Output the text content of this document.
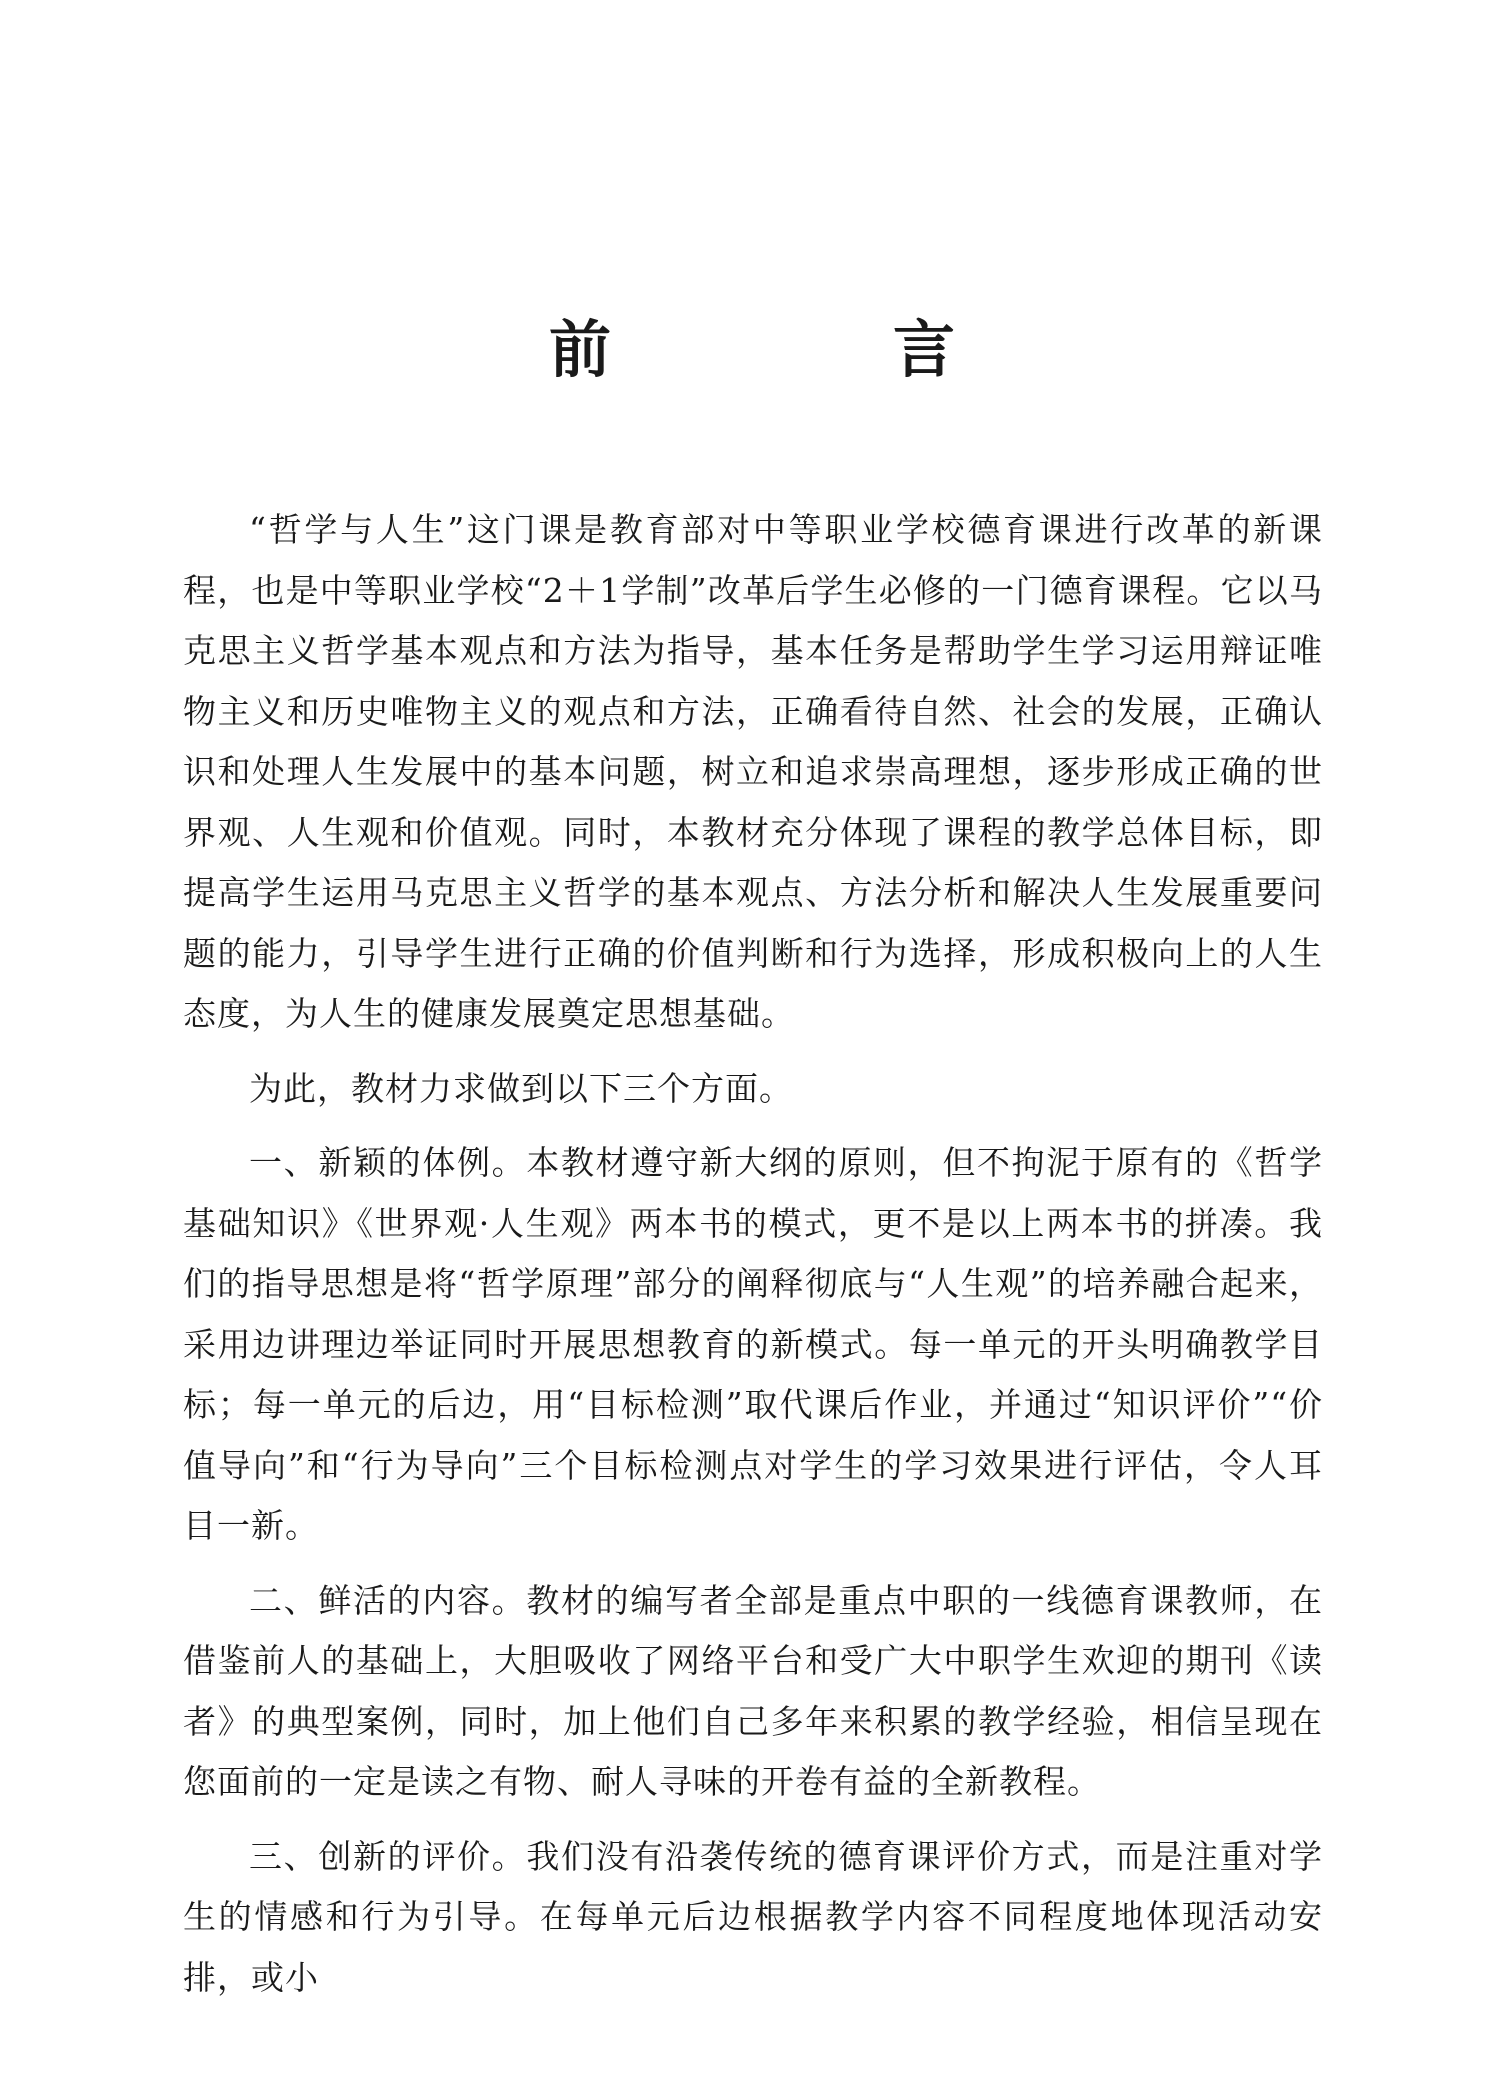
前　言

“哲学与人生”这门课是教育部对中等职业学校德育课进行改革的新课程，也是中等职业学校“2＋1学制”改革后学生必修的一门德育课程。它以马克思主义哲学基本观点和方法为指导，基本任务是帮助学生学习运用辩证唯物主义和历史唯物主义的观点和方法，正确看待自然、社会的发展，正确认识和处理人生发展中的基本问题，树立和追求崇高理想，逐步形成正确的世界观、人生观和价值观。同时，本教材充分体现了课程的教学总体目标，即提高学生运用马克思主义哲学的基本观点、方法分析和解决人生发展重要问题的能力，引导学生进行正确的价值判断和行为选择，形成积极向上的人生态度，为人生的健康发展奠定思想基础。

为此，教材力求做到以下三个方面。

一、新颖的体例。本教材遵守新大纲的原则，但不拘泥于原有的《哲学基础知识》《世界观·人生观》两本书的模式，更不是以上两本书的拼凑。我们的指导思想是将“哲学原理”部分的阐释彻底与“人生观”的培养融合起来，采用边讲理边举证同时开展思想教育的新模式。每一单元的开头明确教学目标；每一单元的后边，用“目标检测”取代课后作业，并通过“知识评价”“价值导向”和“行为导向”三个目标检测点对学生的学习效果进行评估，令人耳目一新。

二、鲜活的内容。教材的编写者全部是重点中职的一线德育课教师，在借鉴前人的基础上，大胆吸收了网络平台和受广大中职学生欢迎的期刊《读者》的典型案例，同时，加上他们自己多年来积累的教学经验，相信呈现在您面前的一定是读之有物、耐人寻味的开卷有益的全新教程。

三、创新的评价。我们没有沿袭传统的德育课评价方式，而是注重对学生的情感和行为引导。在每单元后边根据教学内容不同程度地体现活动安排，或小
